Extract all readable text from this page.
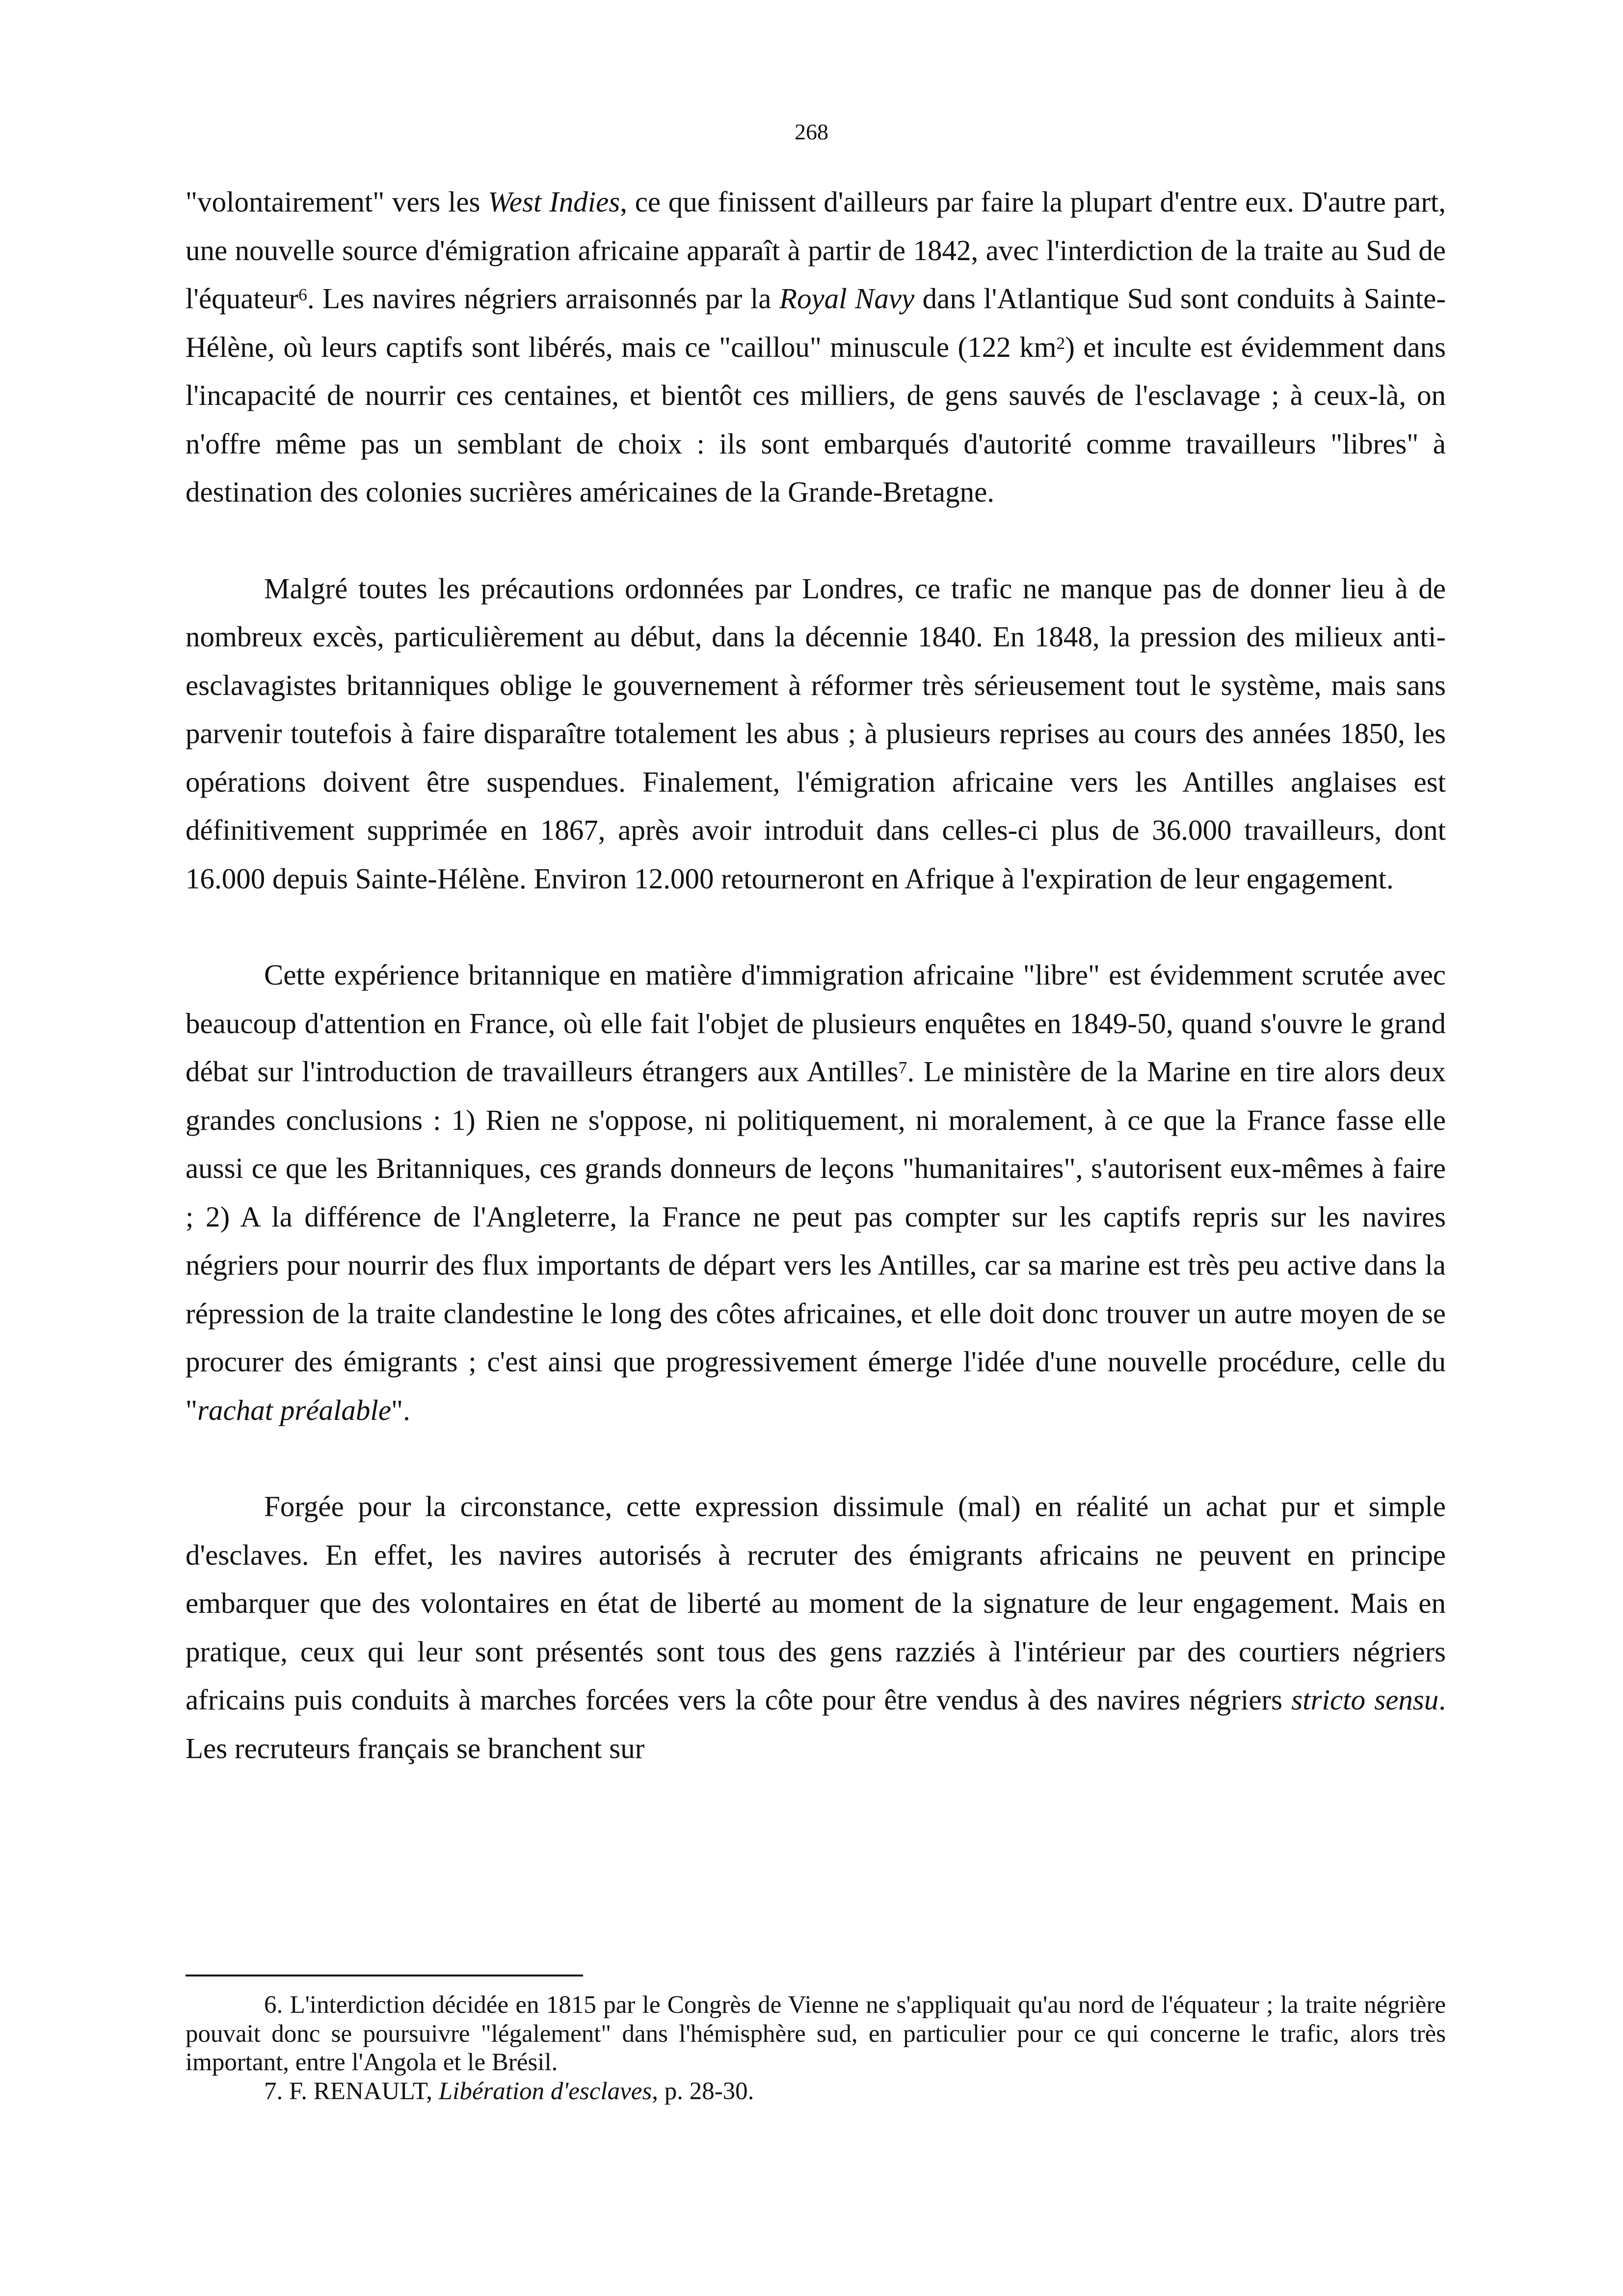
268

"volontairement" vers les West Indies, ce que finissent d'ailleurs par faire la plupart d'entre eux. D'autre part, une nouvelle source d'émigration africaine apparaît à partir de 1842, avec l'interdiction de la traite au Sud de l'équateur$^6$. Les navires négriers arraisonnés par la Royal Navy dans l'Atlantique Sud sont conduits à Sainte-Hélène, où leurs captifs sont libérés, mais ce "caillou" minuscule (122 $km^2$) et inculte est évidemment dans l'incapacité de nourrir ces centaines, et bientôt ces milliers, de gens sauvés de l'esclavage ; à ceux-là, on n'offre même pas un semblant de choix : ils sont embarqués d'autorité comme travailleurs "libres" à destination des colonies sucrières américaines de la Grande-Bretagne.

Malgré toutes les précautions ordonnées par Londres, ce trafic ne manque pas de donner lieu à de nombreux excès, particulièrement au début, dans la décennie 1840. En 1848, la pression des milieux anti-esclavagistes britanniques oblige le gouvernement à réformer très sérieusement tout le système, mais sans parvenir toutefois à faire disparaître totalement les abus ; à plusieurs reprises au cours des années 1850, les opérations doivent être suspendues. Finalement, l'émigration africaine vers les Antilles anglaises est définitivement supprimée en 1867, après avoir introduit dans celles-ci plus de 36.000 travailleurs, dont 16.000 depuis Sainte-Hélène. Environ 12.000 retourneront en Afrique à l'expiration de leur engagement.

Cette expérience britannique en matière d'immigration africaine "libre" est évidemment scrutée avec beaucoup d'attention en France, où elle fait l'objet de plusieurs enquêtes en 1849-50, quand s'ouvre le grand débat sur l'introduction de travailleurs étrangers aux Antilles$^7$. Le ministère de la Marine en tire alors deux grandes conclusions : 1) Rien ne s'oppose, ni politiquement, ni moralement, à ce que la France fasse elle aussi ce que les Britanniques, ces grands donneurs de leçons "humanitaires", s'autorisent eux-mêmes à faire ; 2) A la différence de l'Angleterre, la France ne peut pas compter sur les captifs repris sur les navires négriers pour nourrir des flux importants de départ vers les Antilles, car sa marine est très peu active dans la répression de la traite clandestine le long des côtes africaines, et elle doit donc trouver un autre moyen de se procurer des émigrants ; c'est ainsi que progressivement émerge l'idée d'une nouvelle procédure, celle du "rachat préalable".

Forgée pour la circonstance, cette expression dissimule (mal) en réalité un achat pur et simple d'esclaves. En effet, les navires autorisés à recruter des émigrants africains ne peuvent en principe embarquer que des volontaires en état de liberté au moment de la signature de leur engagement. Mais en pratique, ceux qui leur sont présentés sont tous des gens razziés à l'intérieur par des courtiers négriers africains puis conduits à marches forcées vers la côte pour être vendus à des navires négriers stricto sensu. Les recruteurs français se branchent sur

6. L'interdiction décidée en 1815 par le Congrès de Vienne ne s'appliquait qu'au nord de l'équateur ; la traite négrière pouvait donc se poursuivre "légalement" dans l'hémisphère sud, en particulier pour ce qui concerne le trafic, alors très important, entre l'Angola et le Brésil.

7. F. RENAULT, Libération d'esclaves, p. 28-30.
